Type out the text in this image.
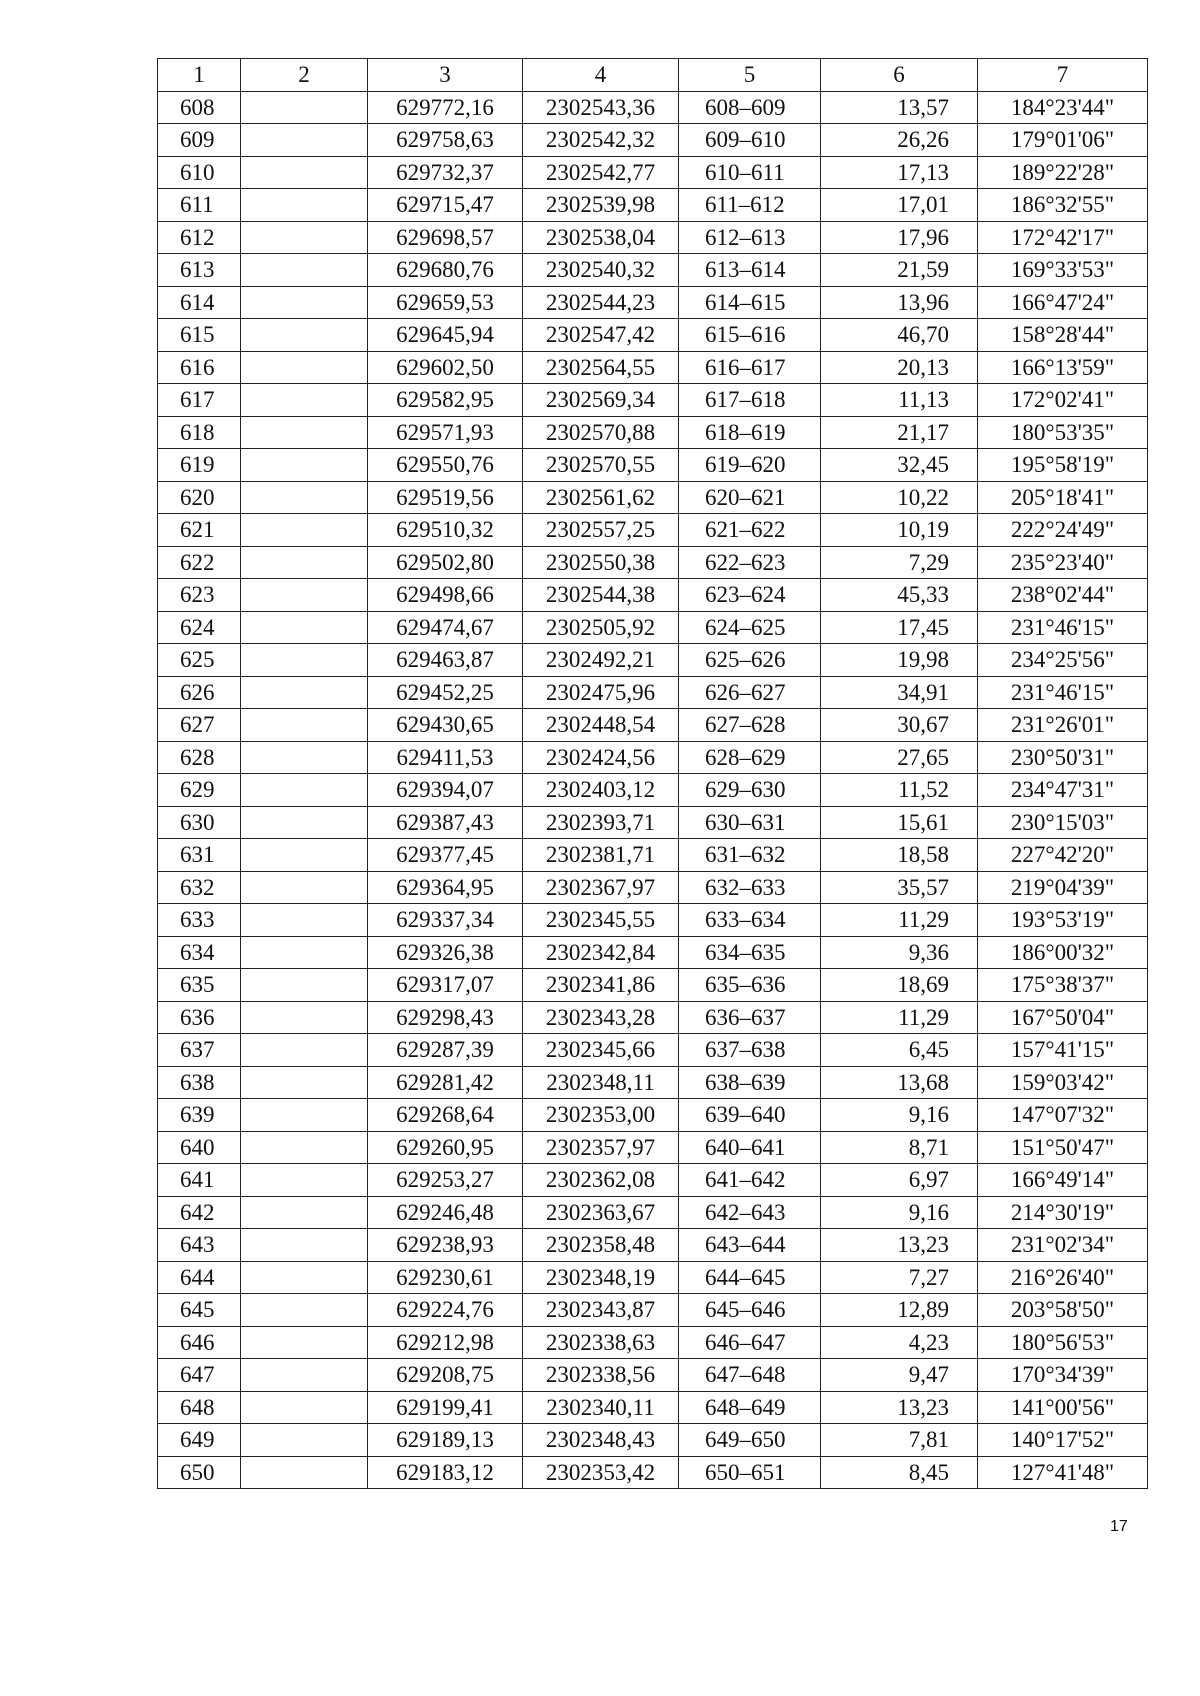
1	2	3	4	5	6	7
608		629772,16	2302543,36	608–609	13,57	184°23'44"
609		629758,63	2302542,32	609–610	26,26	179°01'06"
610		629732,37	2302542,77	610–611	17,13	189°22'28"
611		629715,47	2302539,98	611–612	17,01	186°32'55"
612		629698,57	2302538,04	612–613	17,96	172°42'17"
613		629680,76	2302540,32	613–614	21,59	169°33'53"
614		629659,53	2302544,23	614–615	13,96	166°47'24"
615		629645,94	2302547,42	615–616	46,70	158°28'44"
616		629602,50	2302564,55	616–617	20,13	166°13'59"
617		629582,95	2302569,34	617–618	11,13	172°02'41"
618		629571,93	2302570,88	618–619	21,17	180°53'35"
619		629550,76	2302570,55	619–620	32,45	195°58'19"
620		629519,56	2302561,62	620–621	10,22	205°18'41"
621		629510,32	2302557,25	621–622	10,19	222°24'49"
622		629502,80	2302550,38	622–623	7,29	235°23'40"
623		629498,66	2302544,38	623–624	45,33	238°02'44"
624		629474,67	2302505,92	624–625	17,45	231°46'15"
625		629463,87	2302492,21	625–626	19,98	234°25'56"
626		629452,25	2302475,96	626–627	34,91	231°46'15"
627		629430,65	2302448,54	627–628	30,67	231°26'01"
628		629411,53	2302424,56	628–629	27,65	230°50'31"
629		629394,07	2302403,12	629–630	11,52	234°47'31"
630		629387,43	2302393,71	630–631	15,61	230°15'03"
631		629377,45	2302381,71	631–632	18,58	227°42'20"
632		629364,95	2302367,97	632–633	35,57	219°04'39"
633		629337,34	2302345,55	633–634	11,29	193°53'19"
634		629326,38	2302342,84	634–635	9,36	186°00'32"
635		629317,07	2302341,86	635–636	18,69	175°38'37"
636		629298,43	2302343,28	636–637	11,29	167°50'04"
637		629287,39	2302345,66	637–638	6,45	157°41'15"
638		629281,42	2302348,11	638–639	13,68	159°03'42"
639		629268,64	2302353,00	639–640	9,16	147°07'32"
640		629260,95	2302357,97	640–641	8,71	151°50'47"
641		629253,27	2302362,08	641–642	6,97	166°49'14"
642		629246,48	2302363,67	642–643	9,16	214°30'19"
643		629238,93	2302358,48	643–644	13,23	231°02'34"
644		629230,61	2302348,19	644–645	7,27	216°26'40"
645		629224,76	2302343,87	645–646	12,89	203°58'50"
646		629212,98	2302338,63	646–647	4,23	180°56'53"
647		629208,75	2302338,56	647–648	9,47	170°34'39"
648		629199,41	2302340,11	648–649	13,23	141°00'56"
649		629189,13	2302348,43	649–650	7,81	140°17'52"
650		629183,12	2302353,42	650–651	8,45	127°41'48"
17
